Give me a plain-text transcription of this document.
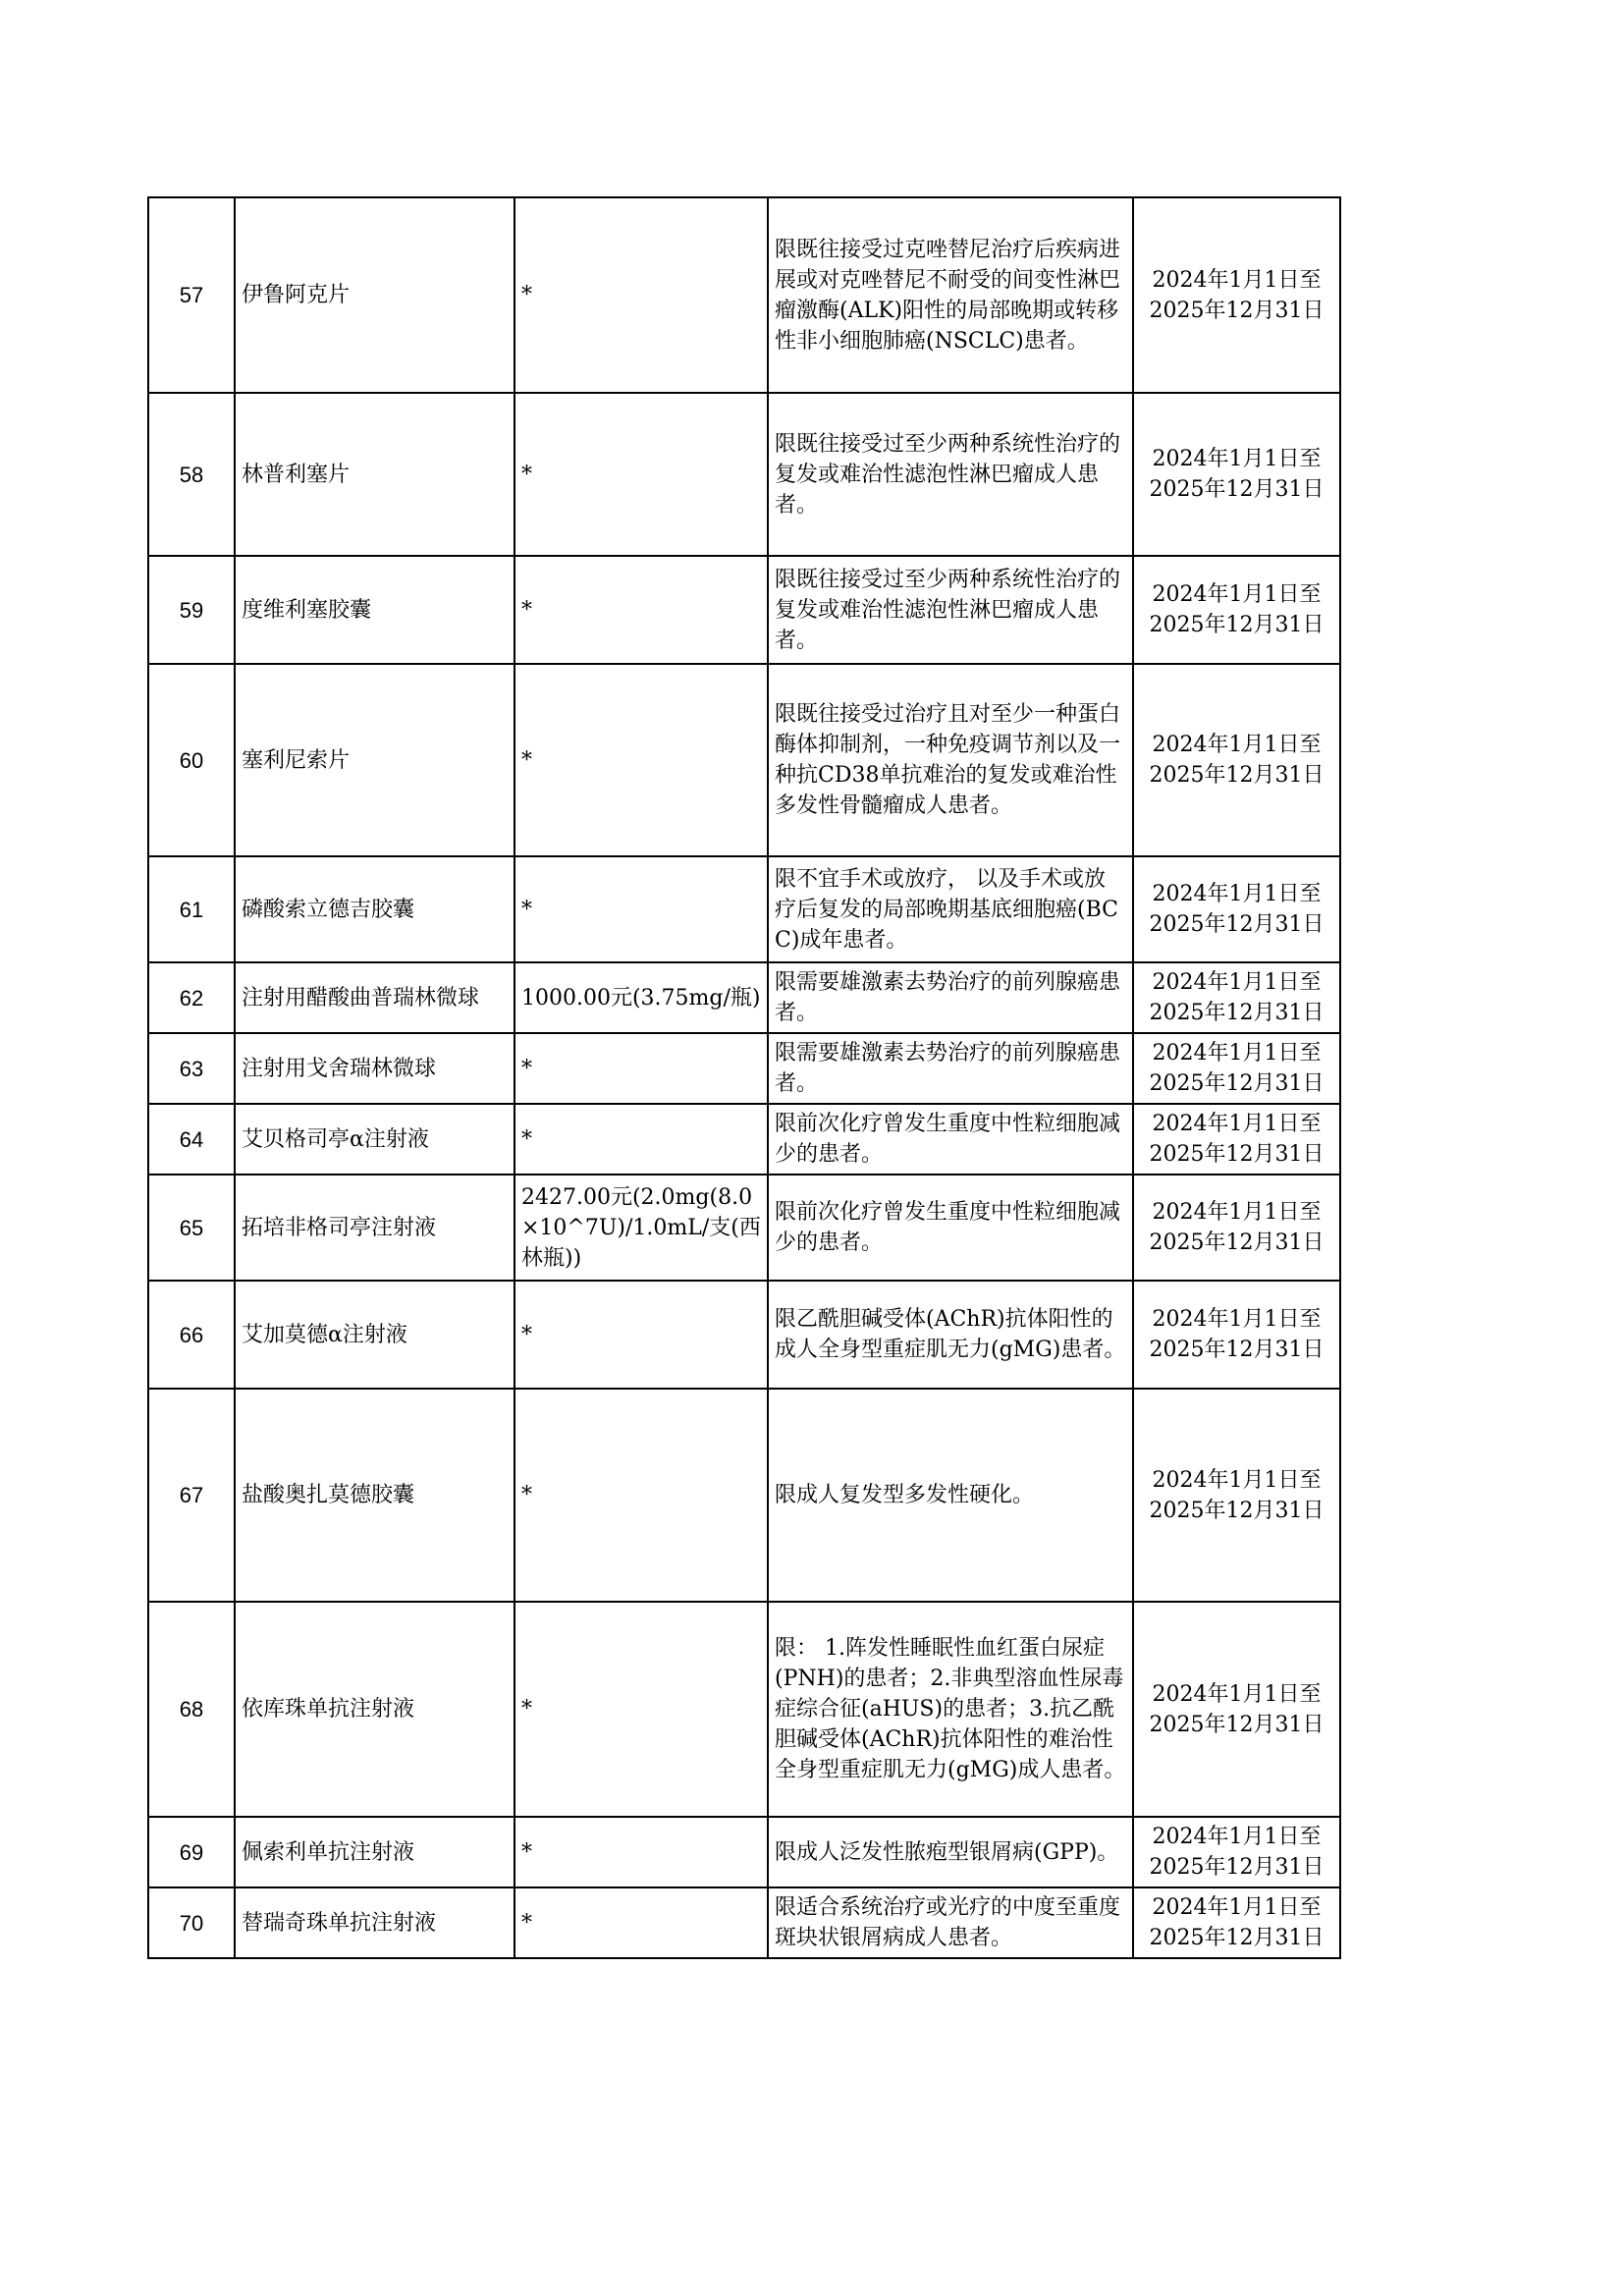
57	伊鲁阿克片	*	限既往接受过克唑替尼治疗后疾病进展或对克唑替尼不耐受的间变性淋巴瘤激酶(ALK)阳性的局部晚期或转移性非小细胞肺癌(NSCLC)患者。	2024年1月1日至
2025年12月31日

58	林普利塞片	*	限既往接受过至少两种系统性治疗的复发或难治性滤泡性淋巴瘤成人患者。	2024年1月1日至
2025年12月31日

59	度维利塞胶囊	*	限既往接受过至少两种系统性治疗的复发或难治性滤泡性淋巴瘤成人患者。	2024年1月1日至
2025年12月31日

60	塞利尼索片	*	限既往接受过治疗且对至少一种蛋白酶体抑制剂，一种免疫调节剂以及一种抗CD38单抗难治的复发或难治性多发性骨髓瘤成人患者。	2024年1月1日至
2025年12月31日

61	磷酸索立德吉胶囊	*	限不宜手术或放疗， 以及手术或放疗后复发的局部晚期基底细胞癌(BCC)成年患者。	2024年1月1日至
2025年12月31日

62	注射用醋酸曲普瑞林微球	1000.00元(3.75mg/瓶)	限需要雄激素去势治疗的前列腺癌患者。	2024年1月1日至
2025年12月31日

63	注射用戈舍瑞林微球	*	限需要雄激素去势治疗的前列腺癌患者。	2024年1月1日至
2025年12月31日

64	艾贝格司亭α注射液	*	限前次化疗曾发生重度中性粒细胞减少的患者。	2024年1月1日至
2025年12月31日

65	拓培非格司亭注射液	2427.00元(2.0mg(8.0×10^7U)/1.0mL/支(西林瓶))	限前次化疗曾发生重度中性粒细胞减少的患者。	2024年1月1日至
2025年12月31日

66	艾加莫德α注射液	*	限乙酰胆碱受体(AChR)抗体阳性的成人全身型重症肌无力(gMG)患者。	2024年1月1日至
2025年12月31日

67	盐酸奥扎莫德胶囊	*	限成人复发型多发性硬化。	2024年1月1日至
2025年12月31日

68	依库珠单抗注射液	*	限： 1.阵发性睡眠性血红蛋白尿症(PNH)的患者；2.非典型溶血性尿毒症综合征(aHUS)的患者；3.抗乙酰胆碱受体(AChR)抗体阳性的难治性全身型重症肌无力(gMG)成人患者。	2024年1月1日至
2025年12月31日

69	佩索利单抗注射液	*	限成人泛发性脓疱型银屑病(GPP)。	2024年1月1日至
2025年12月31日

70	替瑞奇珠单抗注射液	*	限适合系统治疗或光疗的中度至重度斑块状银屑病成人患者。	2024年1月1日至
2025年12月31日
